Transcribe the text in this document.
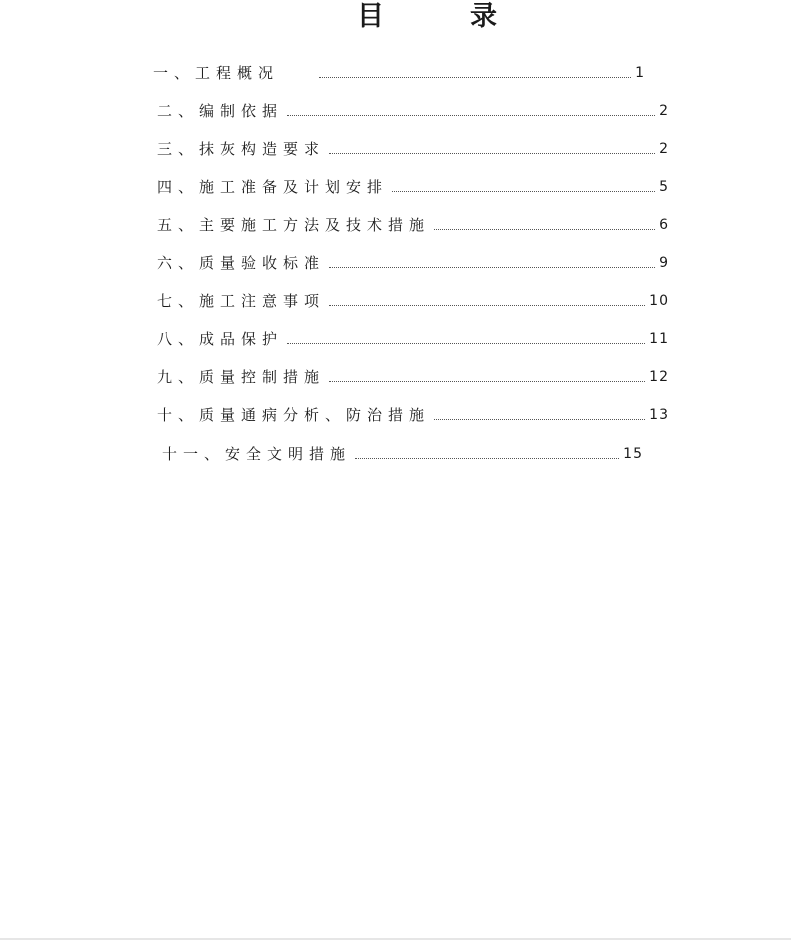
目	录
一、 工程概况	1
二、 编制依据	2
三、 抹灰构造要求	2
四、 施工准备及计划安排	5
五、 主要施工方法及技术措施	6
六、 质量验收标准	9
七、 施工注意事项	10
八、 成品保护	11
九、 质量控制措施	12
十、 质量通病分析、防治措施	13
十一、 安全文明措施	15
